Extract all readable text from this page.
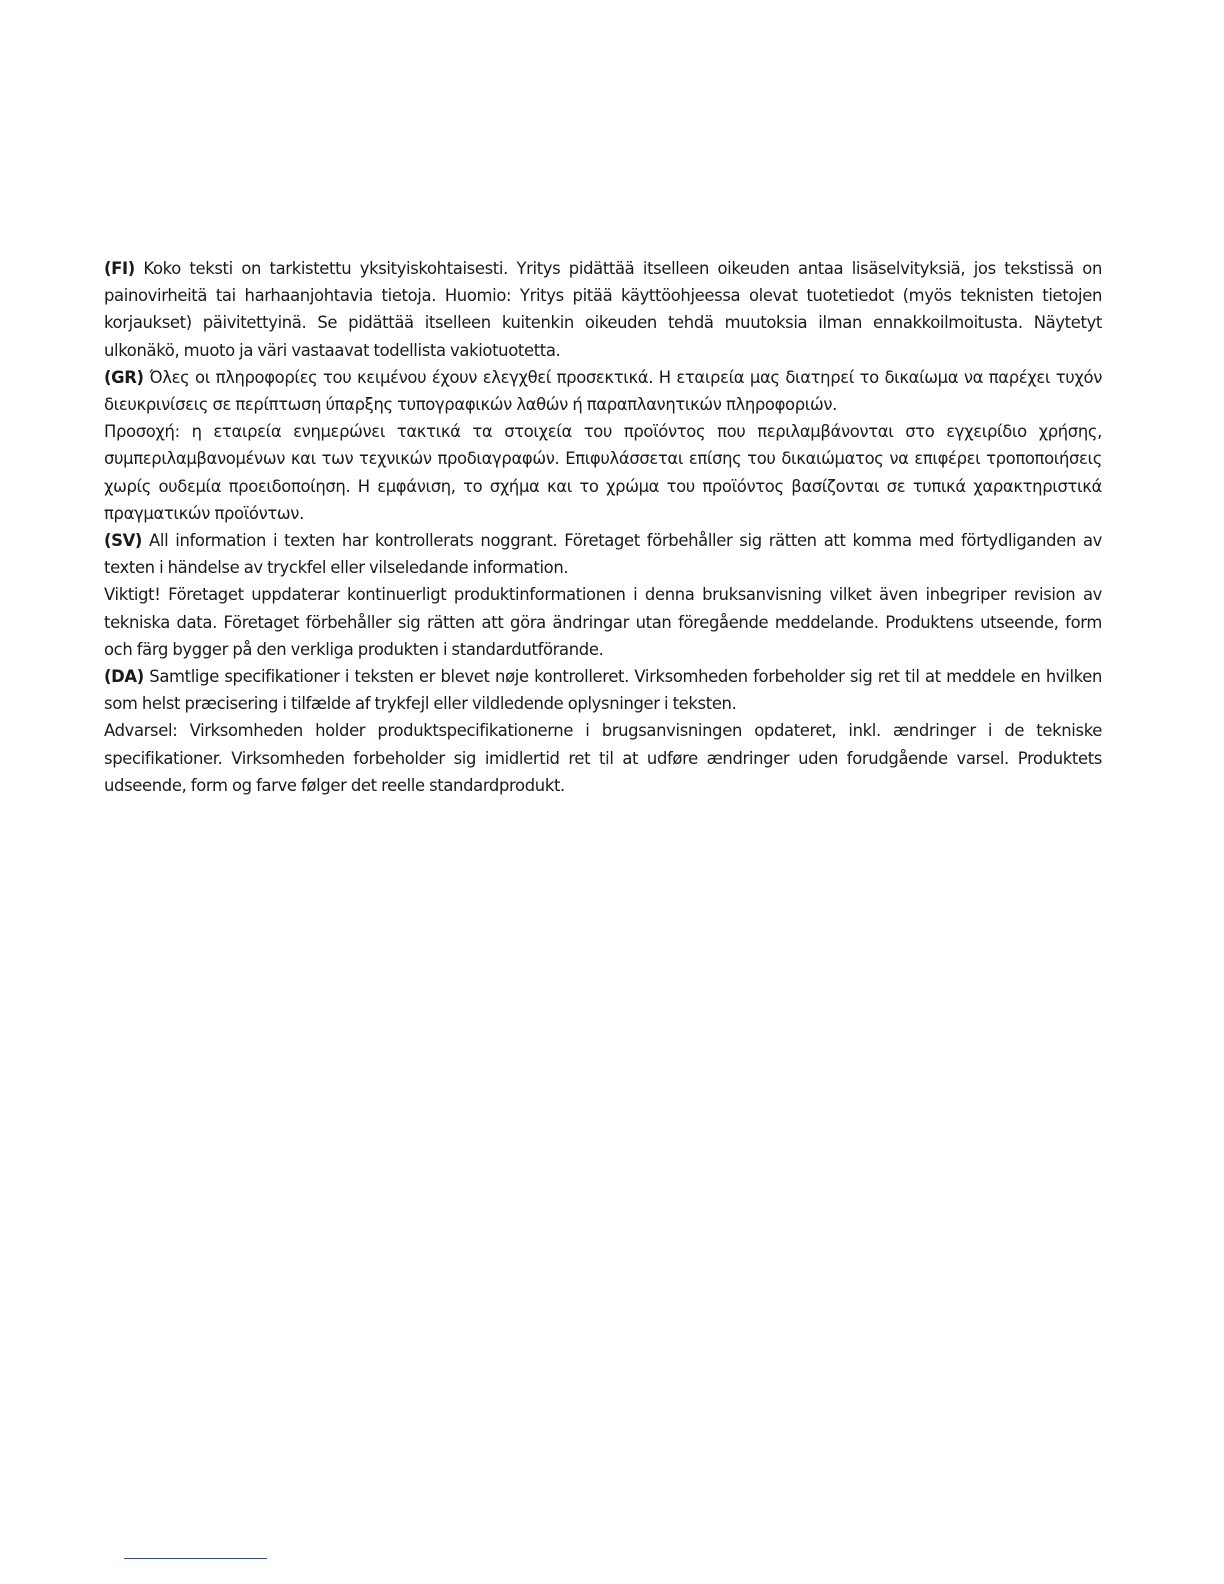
(FI) Koko teksti on tarkistettu yksityiskohtaisesti. Yritys pidättää itselleen oikeuden antaa lisäselvityksiä, jos tekstissä on painovirheitä tai harhaanjohtavia tietoja. Huomio: Yritys pitää käyttöohjeessa olevat tuotetiedot (myös teknisten tietojen korjaukset) päivitettyinä. Se pidättää itselleen kuitenkin oikeuden tehdä muutoksia ilman ennakkoilmoitusta. Näytetyt ulkonäkö, muoto ja väri vastaavat todellista vakiotuotetta.

(GR) Όλες οι πληροφορίες του κειμένου έχουν ελεγχθεί προσεκτικά. Η εταιρεία μας διατηρεί το δικαίωμα να παρέχει τυχόν διευκρινίσεις σε περίπτωση ύπαρξης τυπογραφικών λαθών ή παραπλανητικών πληροφοριών.

Προσοχή: η εταιρεία ενημερώνει τακτικά τα στοιχεία του προϊόντος που περιλαμβάνονται στο εγχειρίδιο χρήσης, συμπεριλαμβανομένων και των τεχνικών προδιαγραφών. Επιφυλάσσεται επίσης του δικαιώματος να επιφέρει τροποποιήσεις χωρίς ουδεμία προειδοποίηση. Η εμφάνιση, το σχήμα και το χρώμα του προϊόντος βασίζονται σε τυπικά χαρακτηριστικά πραγματικών προϊόντων.

(SV) All information i texten har kontrollerats noggrant. Företaget förbehåller sig rätten att komma med förtydliganden av texten i händelse av tryckfel eller vilseledande information.

Viktigt! Företaget uppdaterar kontinuerligt produktinformationen i denna bruksanvisning vilket även inbegriper revision av tekniska data. Företaget förbehåller sig rätten att göra ändringar utan föregående meddelande. Produktens utseende, form och färg bygger på den verkliga produkten i standardutförande.

(DA) Samtlige specifikationer i teksten er blevet nøje kontrolleret. Virksomheden forbeholder sig ret til at meddele en hvilken som helst præcisering i tilfælde af trykfejl eller vildledende oplysninger i teksten.

Advarsel: Virksomheden holder produktspecifikationerne i brugsanvisningen opdateret, inkl. ændringer i de tekniske specifikationer. Virksomheden forbeholder sig imidlertid ret til at udføre ændringer uden forudgående varsel. Produktets udseende, form og farve følger det reelle standardprodukt.
